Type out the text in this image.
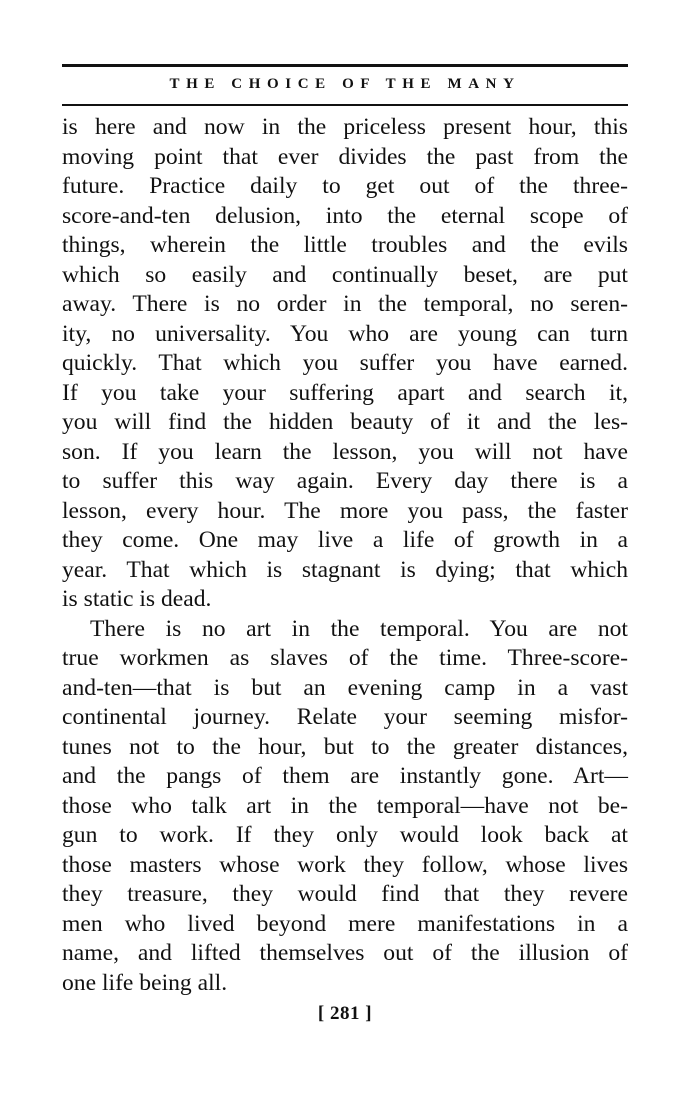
THE CHOICE OF THE MANY
is here and now in the priceless present hour, this
moving point that ever divides the past from the
future. Practice daily to get out of the three-
score-and-ten delusion, into the eternal scope of
things, wherein the little troubles and the evils
which so easily and continually beset, are put
away. There is no order in the temporal, no seren-
ity, no universality. You who are young can turn
quickly. That which you suffer you have earned.
If you take your suffering apart and search it,
you will find the hidden beauty of it and the les-
son. If you learn the lesson, you will not have
to suffer this way again. Every day there is a
lesson, every hour. The more you pass, the faster
they come. One may live a life of growth in a
year. That which is stagnant is dying; that which
is static is dead.
There is no art in the temporal. You are not
true workmen as slaves of the time. Three-score-
and-ten—that is but an evening camp in a vast
continental journey. Relate your seeming misfor-
tunes not to the hour, but to the greater distances,
and the pangs of them are instantly gone. Art—
those who talk art in the temporal—have not be-
gun to work. If they only would look back at
those masters whose work they follow, whose lives
they treasure, they would find that they revere
men who lived beyond mere manifestations in a
name, and lifted themselves out of the illusion of
one life being all.
[ 281 ]
